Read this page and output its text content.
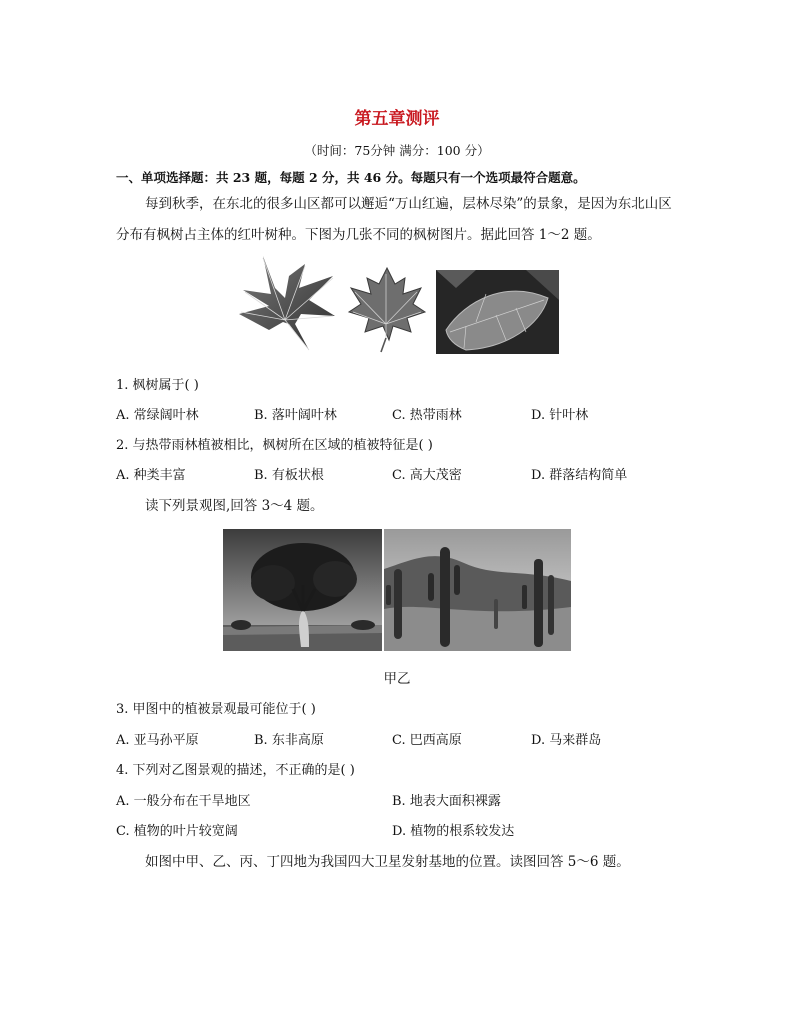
第五章测评
（时间：75分钟 满分：100 分）
一、单项选择题：共 23 题，每题 2 分，共 46 分。每题只有一个选项最符合题意。
每到秋季，在东北的很多山区都可以邂逅“万山红遍，层林尽染”的景象，是因为东北山区
分布有枫树占主体的红叶树种。下图为几张不同的枫树图片。据此回答 1～2 题。
1. 枫树属于( )
A. 常绿阔叶林	B. 落叶阔叶林	C. 热带雨林	D. 针叶林
2. 与热带雨林植被相比，枫树所在区域的植被特征是( )
A. 种类丰富	B. 有板状根	C. 高大茂密	D. 群落结构简单
读下列景观图,回答 3～4 题。
甲乙
3. 甲图中的植被景观最可能位于( )
A. 亚马孙平原	B. 东非高原	C. 巴西高原	D. 马来群岛
4. 下列对乙图景观的描述，不正确的是( )
A. 一般分布在干旱地区	B. 地表大面积裸露
C. 植物的叶片较宽阔	D. 植物的根系较发达
如图中甲、乙、丙、丁四地为我国四大卫星发射基地的位置。读图回答 5～6 题。
